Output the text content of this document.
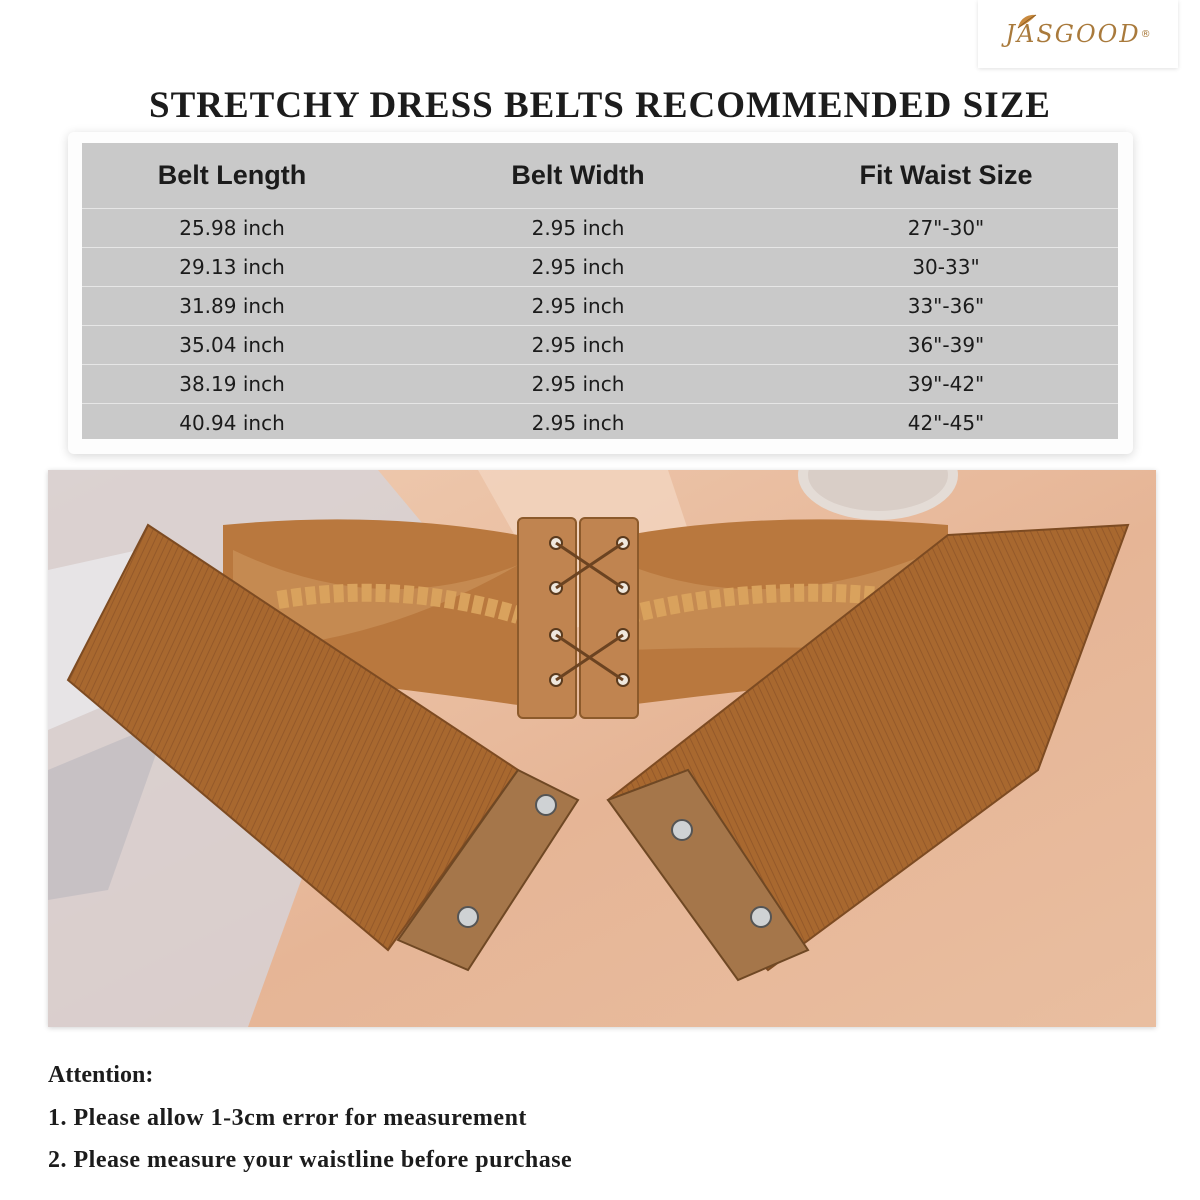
JASGOOD ®
STRETCHY DRESS BELTS RECOMMENDED SIZE
Belt Length	Belt Width	Fit Waist Size
25.98 inch	2.95 inch	27"-30"
29.13 inch	2.95 inch	30-33"
31.89 inch	2.95 inch	33"-36"
35.04 inch	2.95 inch	36"-39"
38.19 inch	2.95 inch	39"-42"
40.94 inch	2.95 inch	42"-45"

Attention:

1. Please allow 1-3cm error for measurement

2. Please measure your waistline before purchase
